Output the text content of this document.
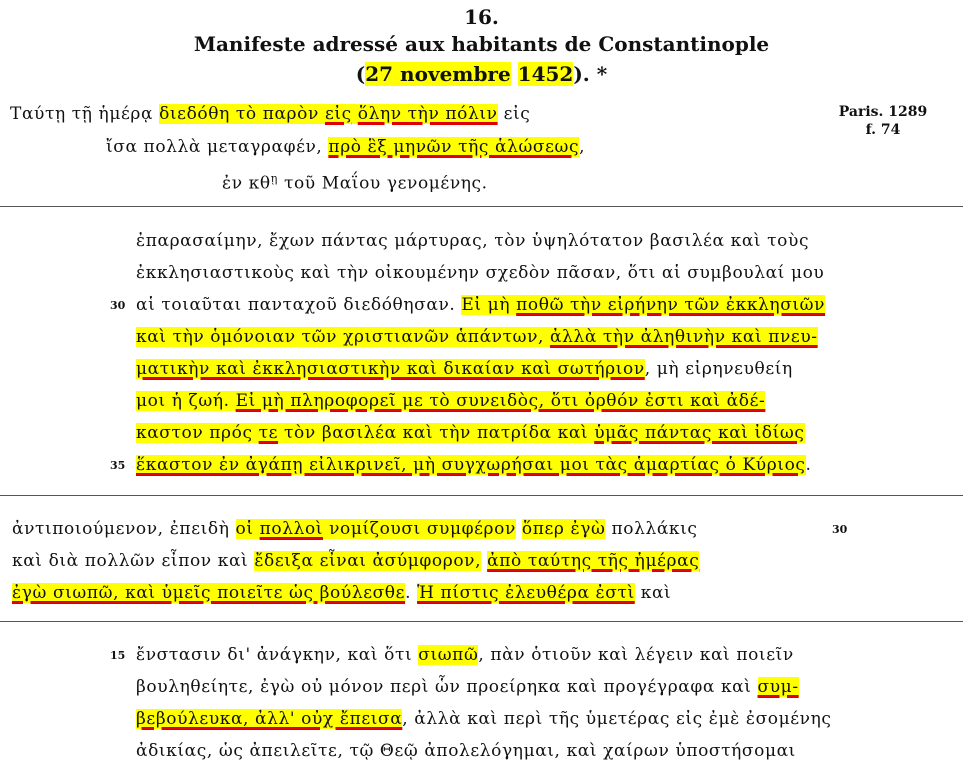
16.
Manifeste adressé aux habitants de Constantinople
(27 novembre 1452). *
Ταύτῃ τῇ ἡμέρᾳ διεδόθη τὸ παρὸν εἰς ὅλην τὴν πόλιν εἰς	Paris. 1289
f. 74
ἴσα πολλὰ μεταγραφέν, πρὸ ἓξ μηνῶν τῆς ἁλώσεως,
ἐν $\kappa\theta^ῃ$ τοῦ Μαΐου γενομένης.
ἐπαρασαίμην, ἔχων πάντας μάρτυρας, τὸν ὑψηλότατον βασιλέα καὶ τοὺς
ἐκκλησιαστικοὺς καὶ τὴν οἰκουμένην σχεδὸν πᾶσαν, ὅτι αἱ συμβουλαί μου
30 αἱ τοιαῦται πανταχοῦ διεδόθησαν. Εἰ μὴ ποθῶ τὴν εἰρήνην τῶν ἐκκλησιῶν
καὶ τὴν ὁμόνοιαν τῶν χριστιανῶν ἁπάντων, ἀλλὰ τὴν ἀληθινὴν καὶ πνευ-
ματικὴν καὶ ἐκκλησιαστικὴν καὶ δικαίαν καὶ σωτήριον, μὴ εἰρηνευθείη
μοι ἡ ζωή. Εἰ μὴ πληροφορεῖ με τὸ συνειδὸς, ὅτι ὀρθόν ἐστι καὶ ἀδέ-
καστον πρός τε τὸν βασιλέα καὶ τὴν πατρίδα καὶ ὑμᾶς πάντας καὶ ἰδίως
35 ἕκαστον ἐν ἀγάπῃ εἰλικρινεῖ, μὴ συγχωρήσαι μοι τὰς ἁμαρτίας ὁ Κύριος.
ἀντιποιούμενον, ἐπειδὴ οἱ πολλοὶ νομίζουσι συμφέρον ὅπερ ἐγὼ πολλάκις	30
καὶ διὰ πολλῶν εἶπον καὶ ἔδειξα εἶναι ἀσύμφορον, ἀπὸ ταύτης τῆς ἡμέρας
ἐγὼ σιωπῶ, καὶ ὑμεῖς ποιεῖτε ὡς βούλεσθε. Ἡ πίστις ἐλευθέρα ἐστὶ καὶ
15 ἔνστασιν δι' ἀνάγκην, καὶ ὅτι σιωπῶ, πὰν ὁτιοῦν καὶ λέγειν καὶ ποιεῖν
βουληθείητε, ἐγὼ οὐ μόνον περὶ ὧν προείρηκα καὶ προγέγραφα καὶ συμ-
βεβούλευκα, ἀλλ' οὐχ ἔπεισα, ἀλλὰ καὶ περὶ τῆς ὑμετέρας εἰς ἐμὲ ἐσομένης
ἀδικίας, ὡς ἀπειλεῖτε, τῷ Θεῷ ἀπολελόγημαι, καὶ χαίρων ὑποστήσομαι
